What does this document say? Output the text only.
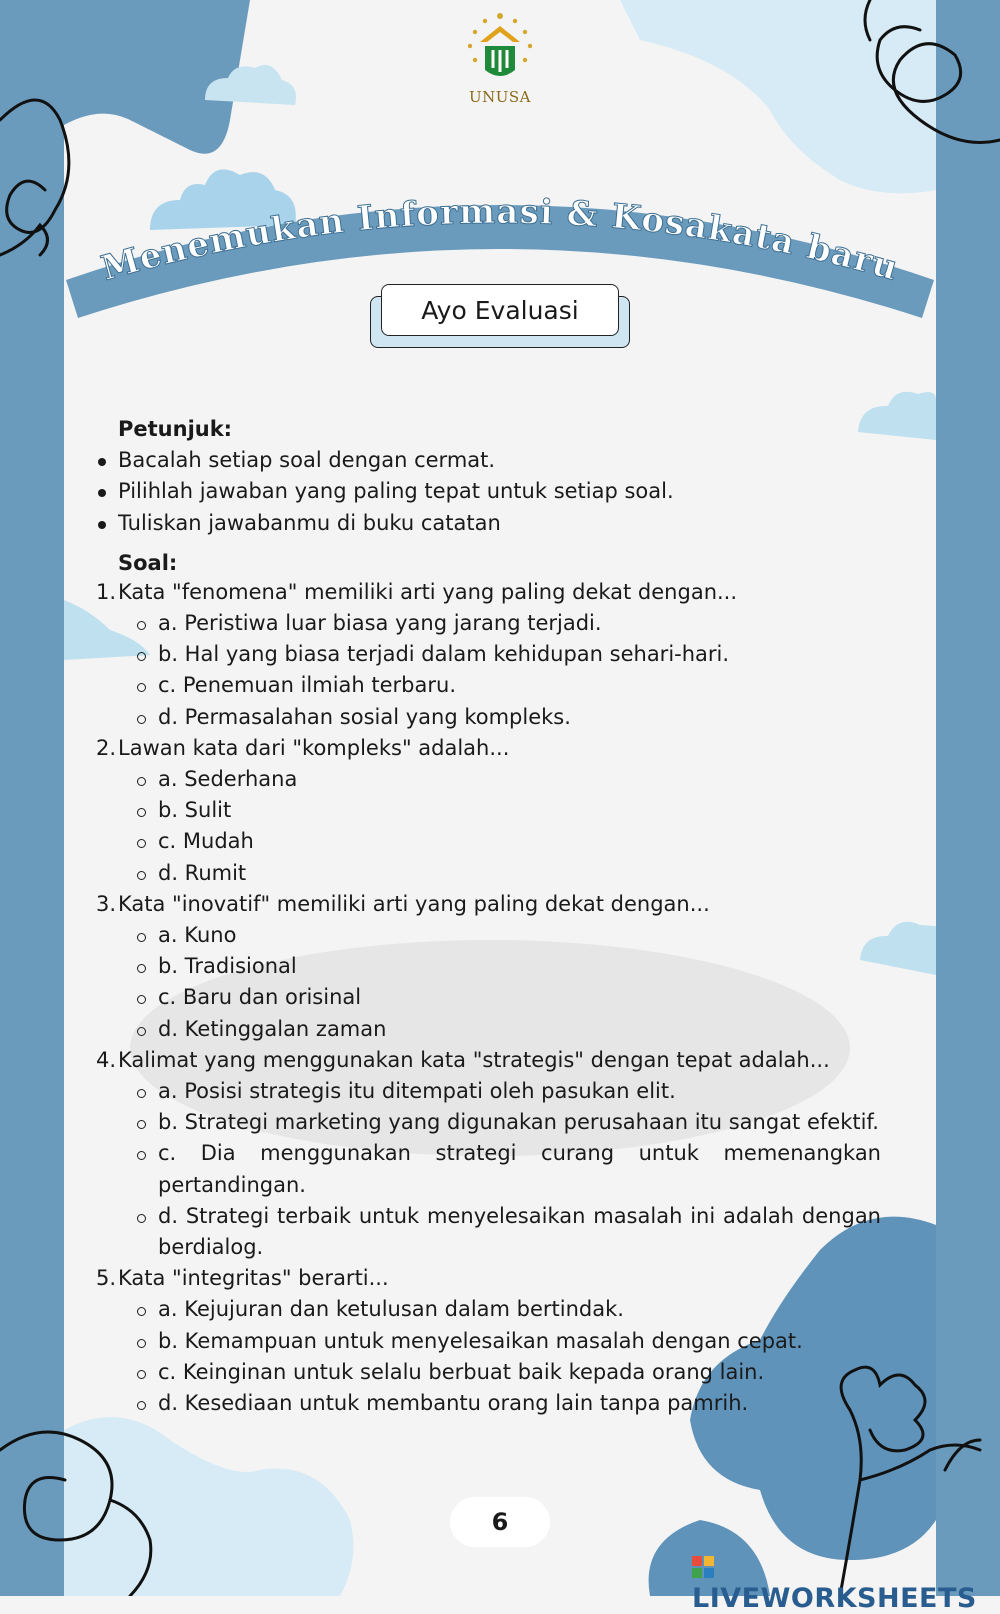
UNUSA
Menemukan Informasi & Kosakata baru
Ayo Evaluasi
Petunjuk:
Bacalah setiap soal dengan cermat.
Pilihlah jawaban yang paling tepat untuk setiap soal.
Tuliskan jawabanmu di buku catatan
Soal:
1. Kata "fenomena" memiliki arti yang paling dekat dengan...
a. Peristiwa luar biasa yang jarang terjadi.
b. Hal yang biasa terjadi dalam kehidupan sehari-hari.
c. Penemuan ilmiah terbaru.
d. Permasalahan sosial yang kompleks.
2. Lawan kata dari "kompleks" adalah...
a. Sederhana
b. Sulit
c. Mudah
d. Rumit
3. Kata "inovatif" memiliki arti yang paling dekat dengan...
a. Kuno
b. Tradisional
c. Baru dan orisinal
d. Ketinggalan zaman
4. Kalimat yang menggunakan kata "strategis" dengan tepat adalah...
a. Posisi strategis itu ditempati oleh pasukan elit.
b. Strategi marketing yang digunakan perusahaan itu sangat efektif.
c. Dia menggunakan strategi curang untuk memenangkan pertandingan.
d. Strategi terbaik untuk menyelesaikan masalah ini adalah dengan berdialog.
5. Kata "integritas" berarti...
a. Kejujuran dan ketulusan dalam bertindak.
b. Kemampuan untuk menyelesaikan masalah dengan cepat.
c. Keinginan untuk selalu berbuat baik kepada orang lain.
d. Kesediaan untuk membantu orang lain tanpa pamrih.
6
LIVEWORKSHEETS
